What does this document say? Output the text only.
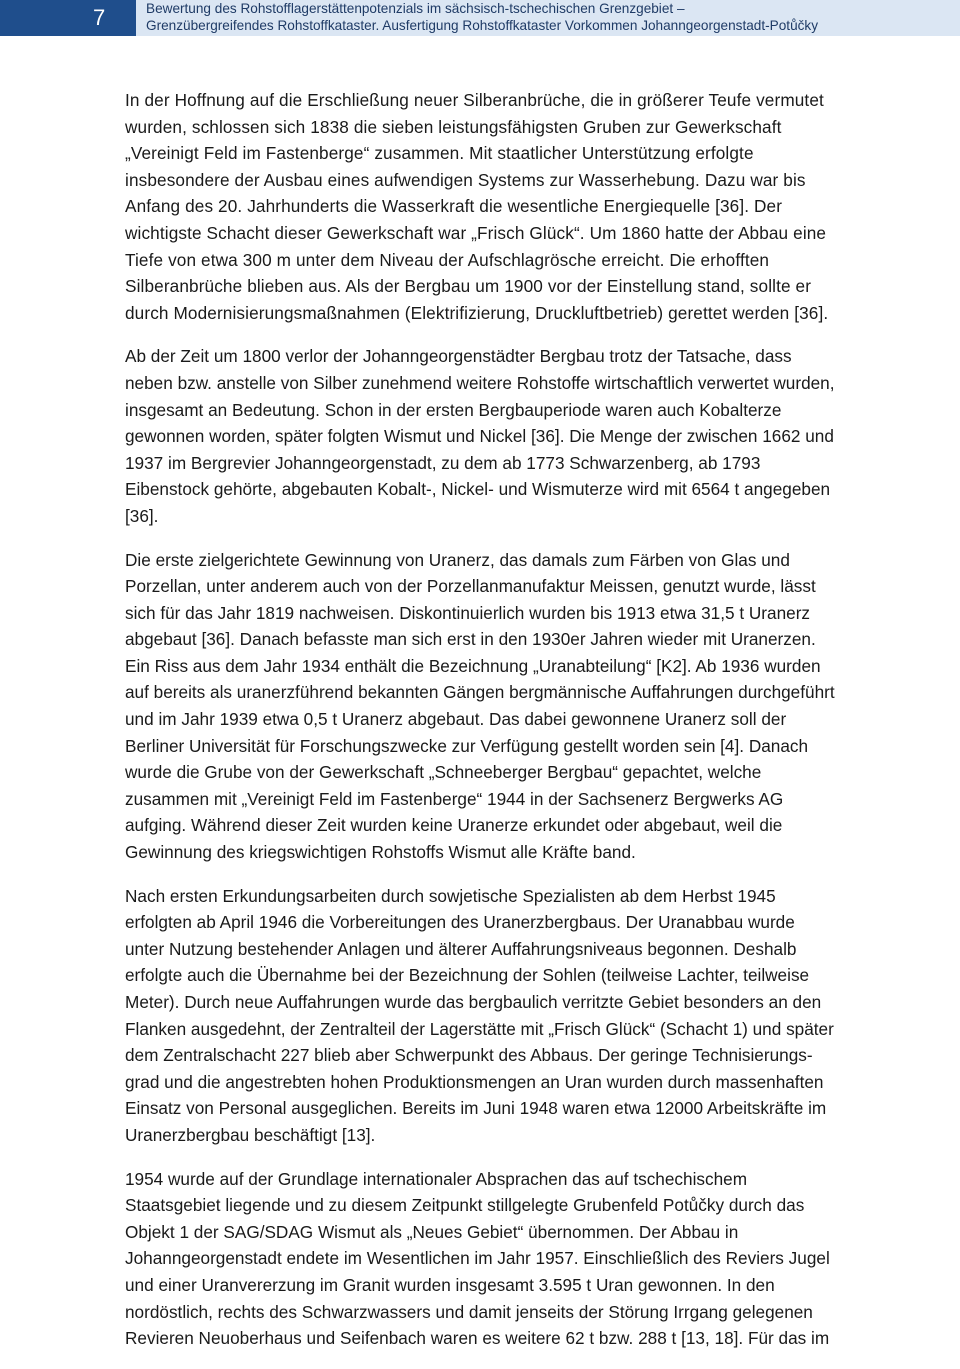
7	Bewertung des Rohstofflagerstättenpotenzials im sächsisch-tschechischen Grenzgebiet –
Grenzübergreifendes Rohstoffkataster. Ausfertigung Rohstoffkataster Vorkommen Johanngeorgenstadt-Potůčky

In der Hoffnung auf die Erschließung neuer Silberanbrüche, die in größerer Teufe vermutet
wurden, schlossen sich 1838 die sieben leistungsfähigsten Gruben zur Gewerkschaft
„Vereinigt Feld im Fastenberge“ zusammen. Mit staatlicher Unterstützung erfolgte
insbesondere der Ausbau eines aufwendigen Systems zur Wasserhebung. Dazu war bis
Anfang des 20. Jahrhunderts die Wasserkraft die wesentliche Energiequelle [36]. Der
wichtigste Schacht dieser Gewerkschaft war „Frisch Glück“. Um 1860 hatte der Abbau eine
Tiefe von etwa 300 m unter dem Niveau der Aufschlagrösche erreicht. Die erhofften
Silberanbrüche blieben aus. Als der Bergbau um 1900 vor der Einstellung stand, sollte er
durch Modernisierungsmaßnahmen (Elektrifizierung, Druckluftbetrieb) gerettet werden [36].

Ab der Zeit um 1800 verlor der Johanngeorgenstädter Bergbau trotz der Tatsache, dass
neben bzw. anstelle von Silber zunehmend weitere Rohstoffe wirtschaftlich verwertet wurden,
insgesamt an Bedeutung. Schon in der ersten Bergbauperiode waren auch Kobalterze
gewonnen worden, später folgten Wismut und Nickel [36]. Die Menge der zwischen 1662 und
1937 im Bergrevier Johanngeorgenstadt, zu dem ab 1773 Schwarzenberg, ab 1793
Eibenstock gehörte, abgebauten Kobalt-, Nickel- und Wismuterze wird mit 6564 t angegeben
[36].

Die erste zielgerichtete Gewinnung von Uranerz, das damals zum Färben von Glas und
Porzellan, unter anderem auch von der Porzellanmanufaktur Meissen, genutzt wurde, lässt
sich für das Jahr 1819 nachweisen. Diskontinuierlich wurden bis 1913 etwa 31,5 t Uranerz
abgebaut [36]. Danach befasste man sich erst in den 1930er Jahren wieder mit Uranerzen.
Ein Riss aus dem Jahr 1934 enthält die Bezeichnung „Uranabteilung“ [K2]. Ab 1936 wurden
auf bereits als uranerzführend bekannten Gängen bergmännische Auffahrungen durchgeführt
und im Jahr 1939 etwa 0,5 t Uranerz abgebaut. Das dabei gewonnene Uranerz soll der
Berliner Universität für Forschungszwecke zur Verfügung gestellt worden sein [4]. Danach
wurde die Grube von der Gewerkschaft „Schneeberger Bergbau“ gepachtet, welche
zusammen mit „Vereinigt Feld im Fastenberge“ 1944 in der Sachsenerz Bergwerks AG
aufging. Während dieser Zeit wurden keine Uranerze erkundet oder abgebaut, weil die
Gewinnung des kriegswichtigen Rohstoffs Wismut alle Kräfte band.

Nach ersten Erkundungsarbeiten durch sowjetische Spezialisten ab dem Herbst 1945
erfolgten ab April 1946 die Vorbereitungen des Uranerzbergbaus. Der Uranabbau wurde
unter Nutzung bestehender Anlagen und älterer Auffahrungsniveaus begonnen. Deshalb
erfolgte auch die Übernahme bei der Bezeichnung der Sohlen (teilweise Lachter, teilweise
Meter). Durch neue Auffahrungen wurde das bergbaulich verritzte Gebiet besonders an den
Flanken ausgedehnt, der Zentralteil der Lagerstätte mit „Frisch Glück“ (Schacht 1) und später
dem Zentralschacht 227 blieb aber Schwerpunkt des Abbaus. Der geringe Technisierungs-
grad und die angestrebten hohen Produktionsmengen an Uran wurden durch massenhaften
Einsatz von Personal ausgeglichen. Bereits im Juni 1948 waren etwa 12000 Arbeitskräfte im
Uranerzbergbau beschäftigt [13].

1954 wurde auf der Grundlage internationaler Absprachen das auf tschechischem
Staatsgebiet liegende und zu diesem Zeitpunkt stillgelegte Grubenfeld Potůčky durch das
Objekt 1 der SAG/SDAG Wismut als „Neues Gebiet“ übernommen. Der Abbau in
Johanngeorgenstadt endete im Wesentlichen im Jahr 1957. Einschließlich des Reviers Jugel
und einer Uranvererzung im Granit wurden insgesamt 3.595 t Uran gewonnen. In den
nordöstlich, rechts des Schwarzwassers und damit jenseits der Störung Irrgang gelegenen
Revieren Neuoberhaus und Seifenbach waren es weitere 62 t bzw. 288 t [13, 18]. Für das im
